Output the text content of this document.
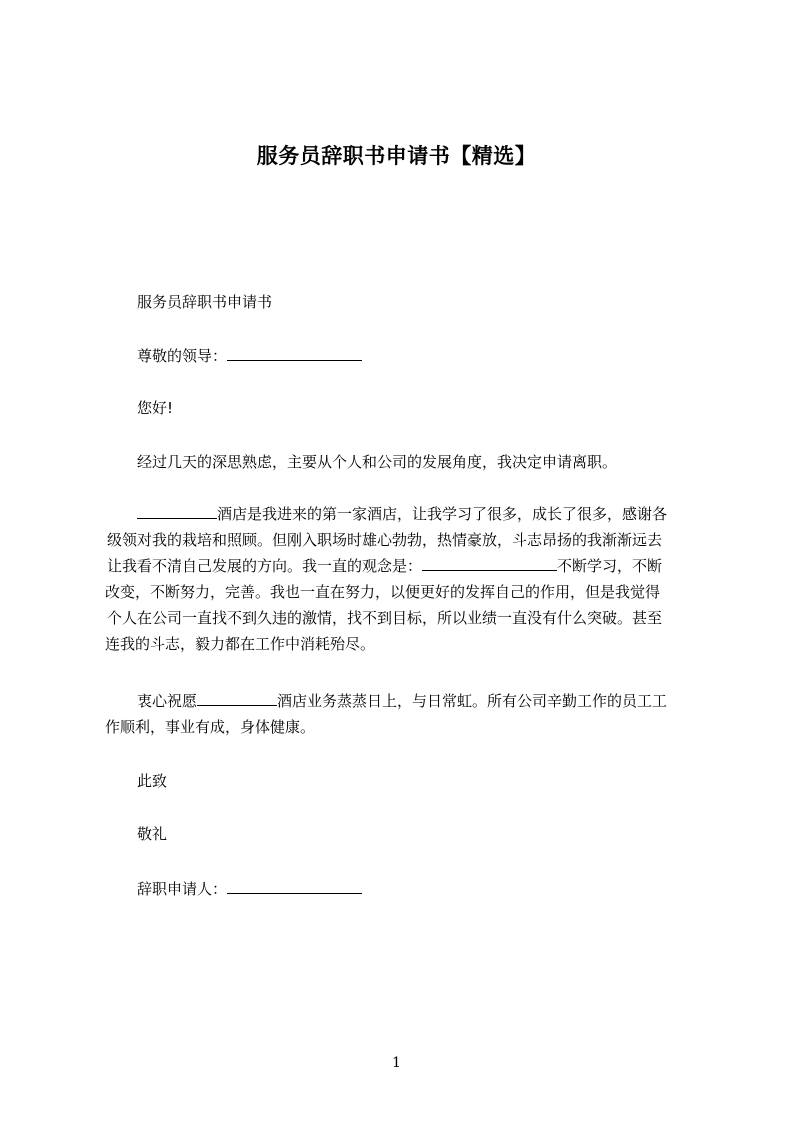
服务员辞职书申请书【精选】
服务员辞职书申请书
尊敬的领导：
您好!
经过几天的深思熟虑，主要从个人和公司的发展角度，我决定申请离职。
酒店是我进来的第一家酒店，让我学习了很多，成长了很多，感谢各
级领对我的栽培和照顾。但刚入职场时雄心勃勃，热情豪放，斗志昂扬的我渐渐远去
让我看不清自己发展的方向。我一直的观念是：	不断学习，不断
改变，不断努力，完善。我也一直在努力，以便更好的发挥自己的作用，但是我觉得
个人在公司一直找不到久违的激情，找不到目标，所以业绩一直没有什么突破。甚至
连我的斗志，毅力都在工作中消耗殆尽。
衷心祝愿	酒店业务蒸蒸日上，与日常虹。所有公司辛勤工作的员工工
作顺利，事业有成，身体健康。
此致
敬礼
辞职申请人：
1
